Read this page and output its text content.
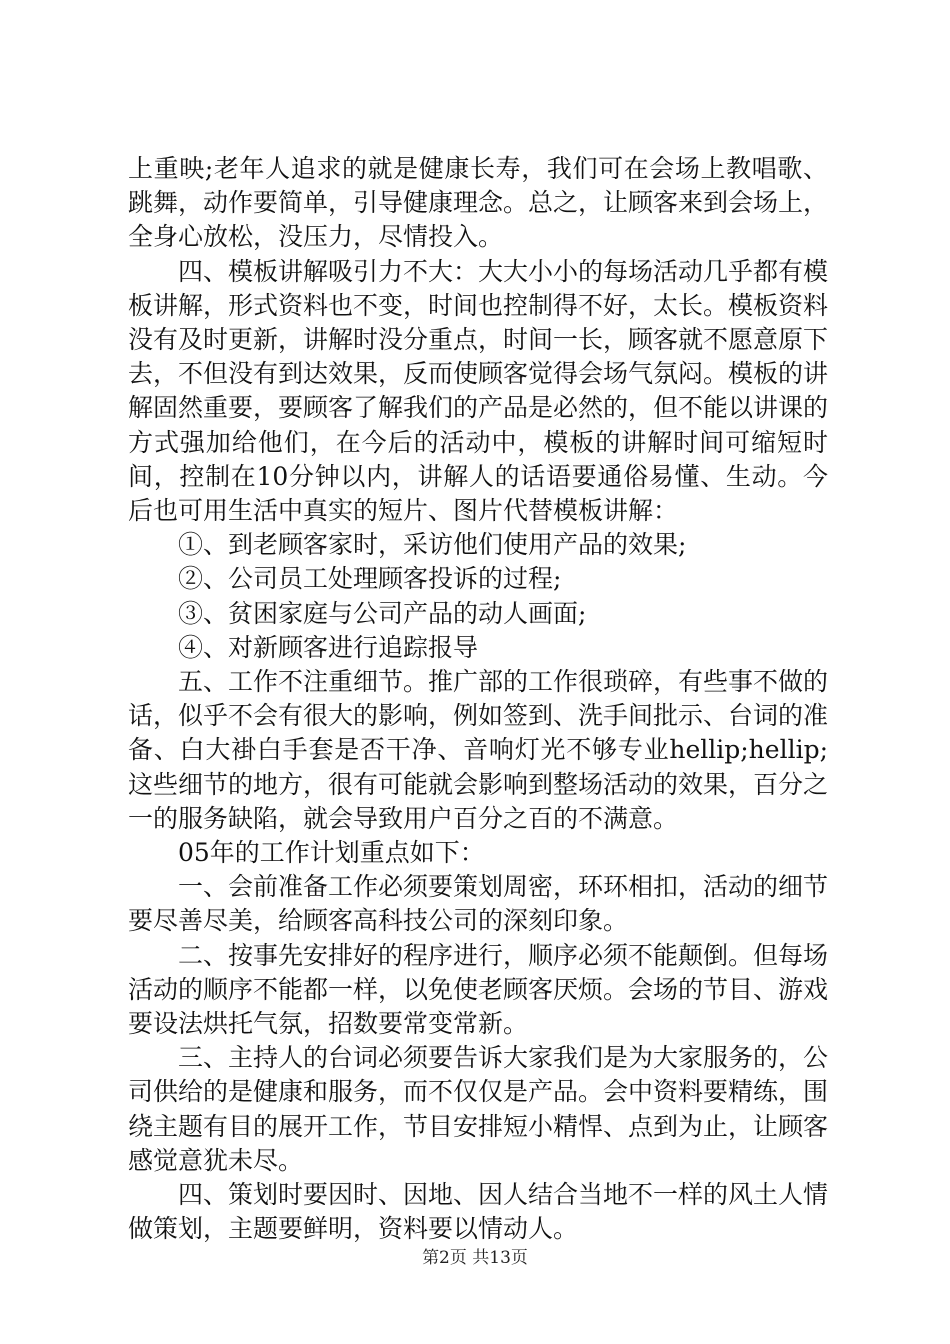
上重映;老年人追求的就是健康长寿，我们可在会场上教唱歌、跳舞，动作要简单，引导健康理念。总之，让顾客来到会场上，全身心放松，没压力，尽情投入。

四、模板讲解吸引力不大：大大小小的每场活动几乎都有模板讲解，形式资料也不变，时间也控制得不好，太长。模板资料没有及时更新，讲解时没分重点，时间一长，顾客就不愿意原下去，不但没有到达效果，反而使顾客觉得会场气氛闷。模板的讲解固然重要，要顾客了解我们的产品是必然的，但不能以讲课的方式强加给他们，在今后的活动中，模板的讲解时间可缩短时间，控制在10分钟以内，讲解人的话语要通俗易懂、生动。今后也可用生活中真实的短片、图片代替模板讲解：

①、到老顾客家时，采访他们使用产品的效果;

②、公司员工处理顾客投诉的过程;

③、贫困家庭与公司产品的动人画面;

④、对新顾客进行追踪报导

五、工作不注重细节。推广部的工作很琐碎，有些事不做的话，似乎不会有很大的影响，例如签到、洗手间批示、台词的准备、白大褂白手套是否干净、音响灯光不够专业hellip;hellip;这些细节的地方，很有可能就会影响到整场活动的效果，百分之一的服务缺陷，就会导致用户百分之百的不满意。

05年的工作计划重点如下：

一、会前准备工作必须要策划周密，环环相扣，活动的细节要尽善尽美，给顾客高科技公司的深刻印象。

二、按事先安排好的程序进行，顺序必须不能颠倒。但每场活动的顺序不能都一样，以免使老顾客厌烦。会场的节目、游戏要设法烘托气氛，招数要常变常新。

三、主持人的台词必须要告诉大家我们是为大家服务的，公司供给的是健康和服务，而不仅仅是产品。会中资料要精练，围绕主题有目的展开工作，节目安排短小精悍、点到为止，让顾客感觉意犹未尽。

四、策划时要因时、因地、因人结合当地不一样的风土人情做策划，主题要鲜明，资料要以情动人。

第2页 共13页
